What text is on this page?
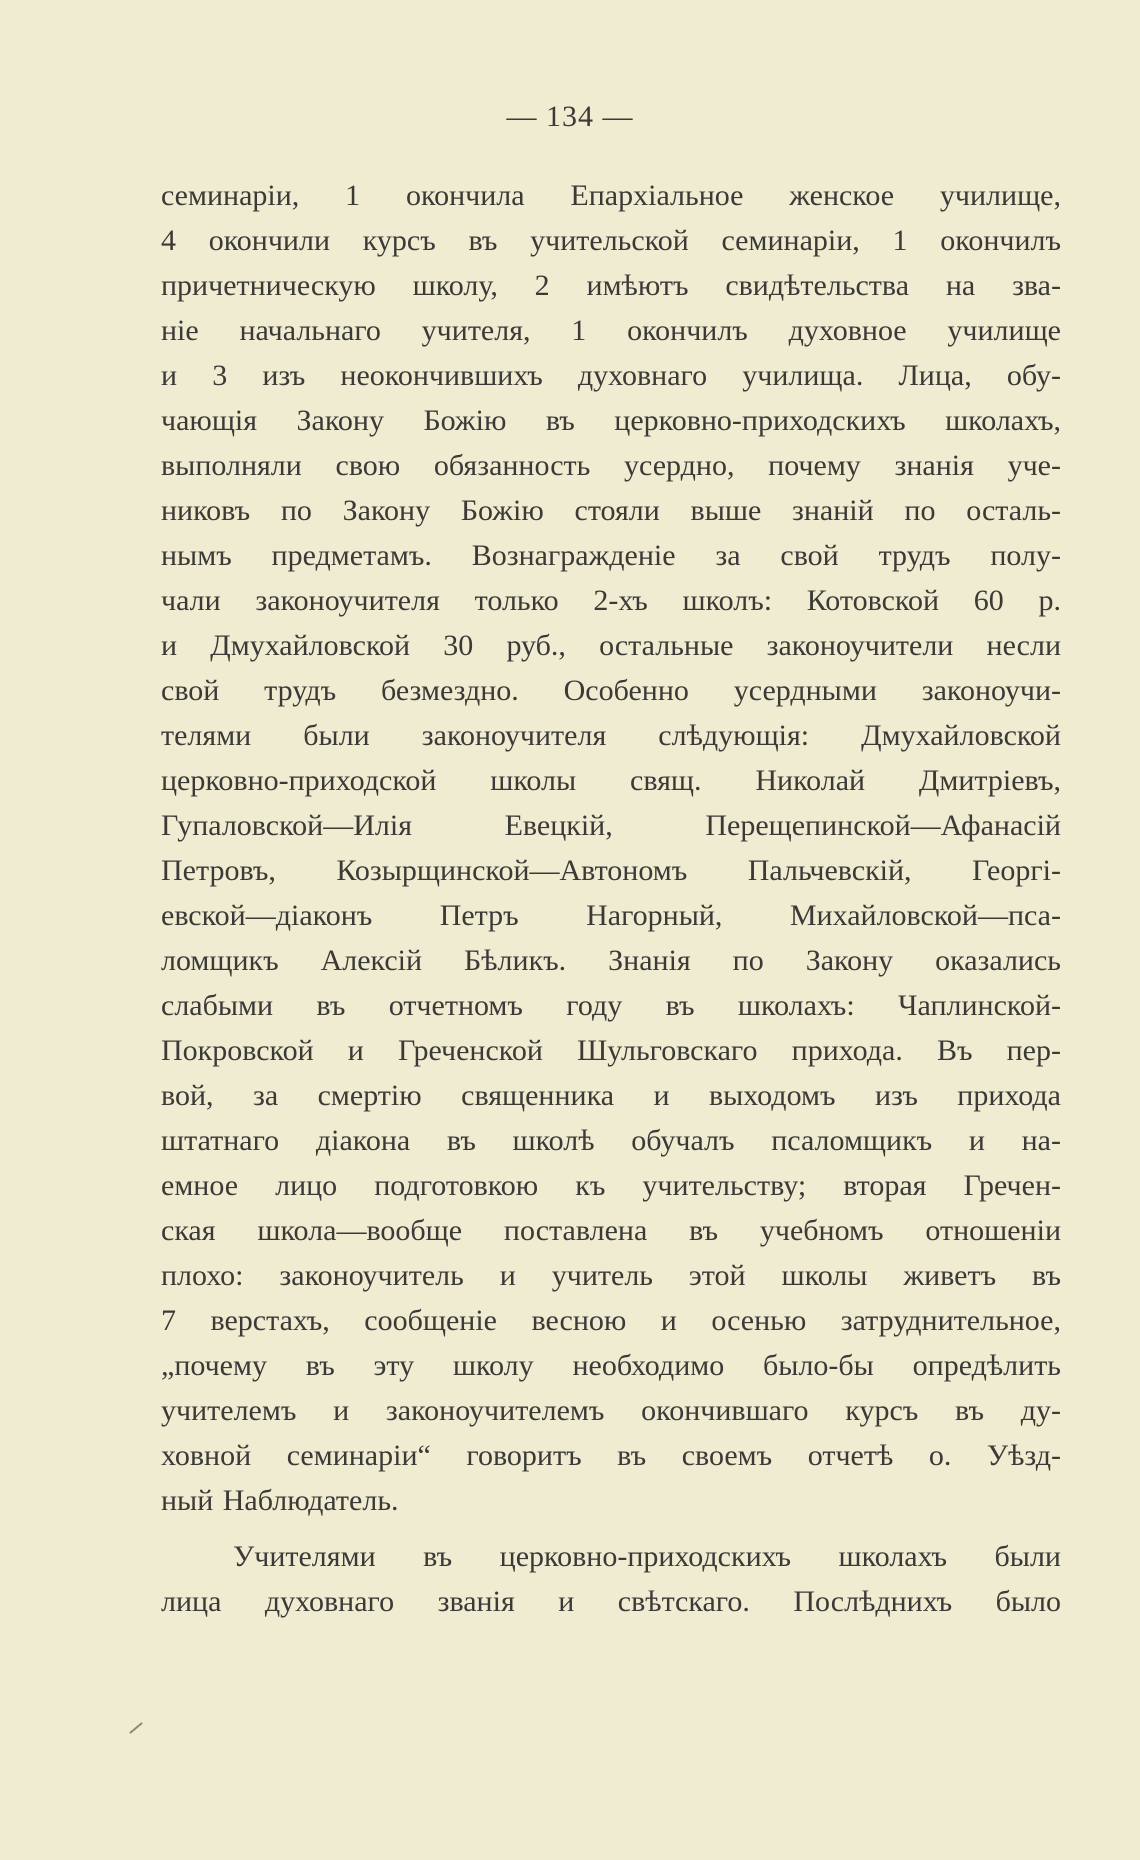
— 134 —
семинаріи, 1 окончила Епархіальное женское училище,
4 окончили курсъ въ учительской семинаріи, 1 окончилъ
причетническую школу, 2 имѣютъ свидѣтельства на зва-
ніе начальнаго учителя, 1 окончилъ духовное училище
и 3 изъ неокончившихъ духовнаго училища. Лица, обу-
чающія Закону Божію въ церковно-приходскихъ школахъ,
выполняли свою обязанность усердно, почему знанія уче-
никовъ по Закону Божію стояли выше знаній по осталь-
нымъ предметамъ. Вознагражденіе за свой трудъ полу-
чали законоучителя только 2-хъ школъ: Котовской 60 р.
и Дмухайловской 30 руб., остальные законоучители несли
свой трудъ безмездно. Особенно усердными законоучи-
телями были законоучителя слѣдующія: Дмухайловской
церковно-приходской школы свящ. Николай Дмитріевъ,
Гупаловской—Илія Евецкій, Перещепинской—Афанасій
Петровъ, Козырщинской—Автономъ Пальчевскій, Георгі-
евской—діаконъ Петръ Нагорный, Михайловской—пса-
ломщикъ Алексій Бѣликъ. Знанія по Закону оказались
слабыми въ отчетномъ году въ школахъ: Чаплинской-
Покровской и Греченской Шульговскаго прихода. Въ пер-
вой, за смертію священника и выходомъ изъ прихода
штатнаго діакона въ школѣ обучалъ псаломщикъ и на-
емное лицо подготовкою къ учительству; вторая Гречен-
ская школа—вообще поставлена въ учебномъ отношеніи
плохо: законоучитель и учитель этой школы живетъ въ
7 верстахъ, сообщеніе весною и осенью затруднительное,
„почему въ эту школу необходимо было-бы опредѣлить
учителемъ и законоучителемъ окончившаго курсъ въ ду-
ховной семинаріи“ говоритъ въ своемъ отчетѣ о. Уѣзд-
ный Наблюдатель.
Учителями въ церковно-приходскихъ школахъ были
лица духовнаго званія и свѣтскаго. Послѣднихъ было
